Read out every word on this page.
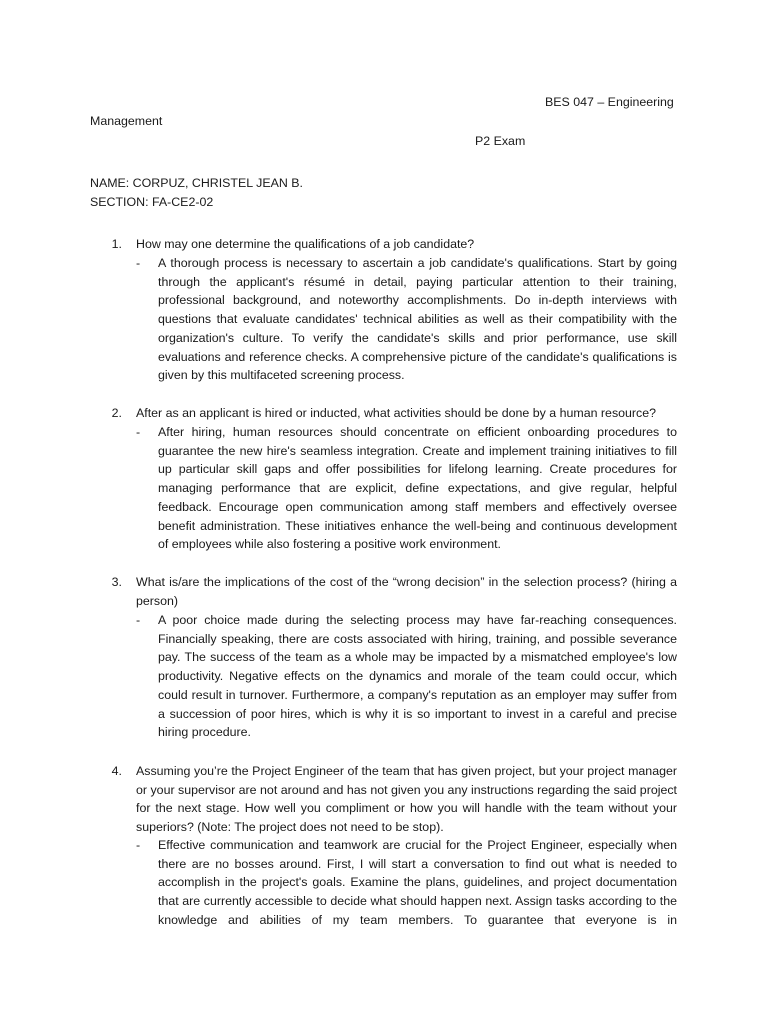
BES 047 – Engineering
Management
P2 Exam
NAME: CORPUZ, CHRISTEL JEAN B.
SECTION: FA-CE2-02
1. How may one determine the qualifications of a job candidate?

- A thorough process is necessary to ascertain a job candidate's qualifications. Start by going through the applicant's résumé in detail, paying particular attention to their training, professional background, and noteworthy accomplishments. Do in-depth interviews with questions that evaluate candidates' technical abilities as well as their compatibility with the organization's culture. To verify the candidate's skills and prior performance, use skill evaluations and reference checks. A comprehensive picture of the candidate's qualifications is given by this multifaceted screening process.

2. After as an applicant is hired or inducted, what activities should be done by a human resource?

- After hiring, human resources should concentrate on efficient onboarding procedures to guarantee the new hire's seamless integration. Create and implement training initiatives to fill up particular skill gaps and offer possibilities for lifelong learning. Create procedures for managing performance that are explicit, define expectations, and give regular, helpful feedback. Encourage open communication among staff members and effectively oversee benefit administration. These initiatives enhance the well-being and continuous development of employees while also fostering a positive work environment.

3. What is/are the implications of the cost of the “wrong decision” in the selection process? (hiring a person)

- A poor choice made during the selecting process may have far-reaching consequences. Financially speaking, there are costs associated with hiring, training, and possible severance pay. The success of the team as a whole may be impacted by a mismatched employee's low productivity. Negative effects on the dynamics and morale of the team could occur, which could result in turnover. Furthermore, a company's reputation as an employer may suffer from a succession of poor hires, which is why it is so important to invest in a careful and precise hiring procedure.

4. Assuming you’re the Project Engineer of the team that has given project, but your project manager or your supervisor are not around and has not given you any instructions regarding the said project for the next stage. How well you compliment or how you will handle with the team without your superiors? (Note: The project does not need to be stop).

- Effective communication and teamwork are crucial for the Project Engineer, especially when there are no bosses around. First, I will start a conversation to find out what is needed to accomplish in the project's goals. Examine the plans, guidelines, and project documentation that are currently accessible to decide what should happen next. Assign tasks according to the knowledge and abilities of my team members. To guarantee that everyone is in
